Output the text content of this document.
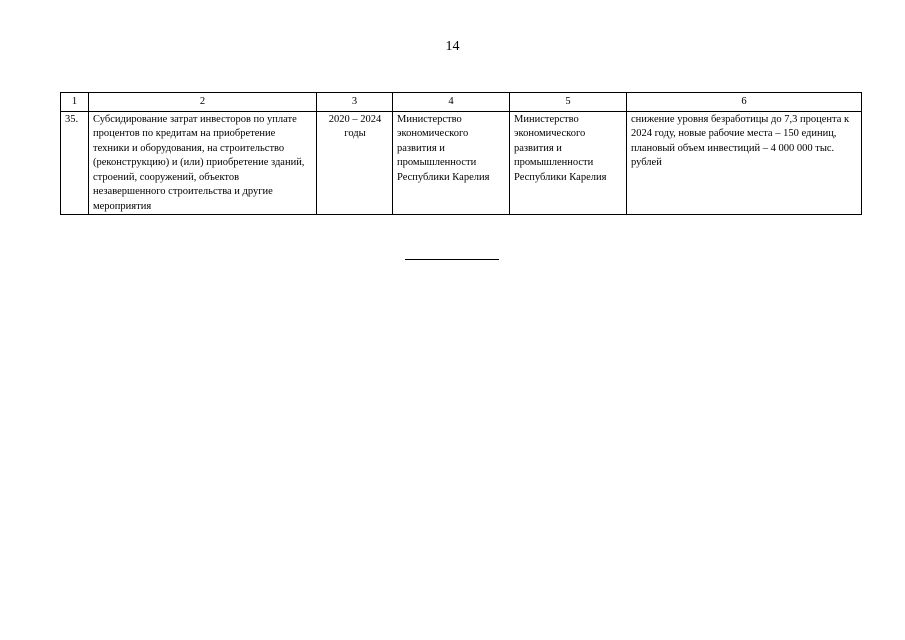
14
1	2	3	4	5	6
35.	Субсидирование затрат инвесторов по уплате процентов по кредитам на приобретение техники и оборудования, на строительство (реконструкцию) и (или) приобретение зданий, строений, сооружений, объектов незавершенного строительства и другие мероприятия	2020 – 2024 годы	Министерство экономического развития и промышленности Республики Карелия	Министерство экономического развития и промышленности Республики Карелия	снижение уровня безработицы до 7,3 процента к 2024 году, новые рабочие места – 150 единиц, плановый объем инвестиций – 4 000 000 тыс. рублей
